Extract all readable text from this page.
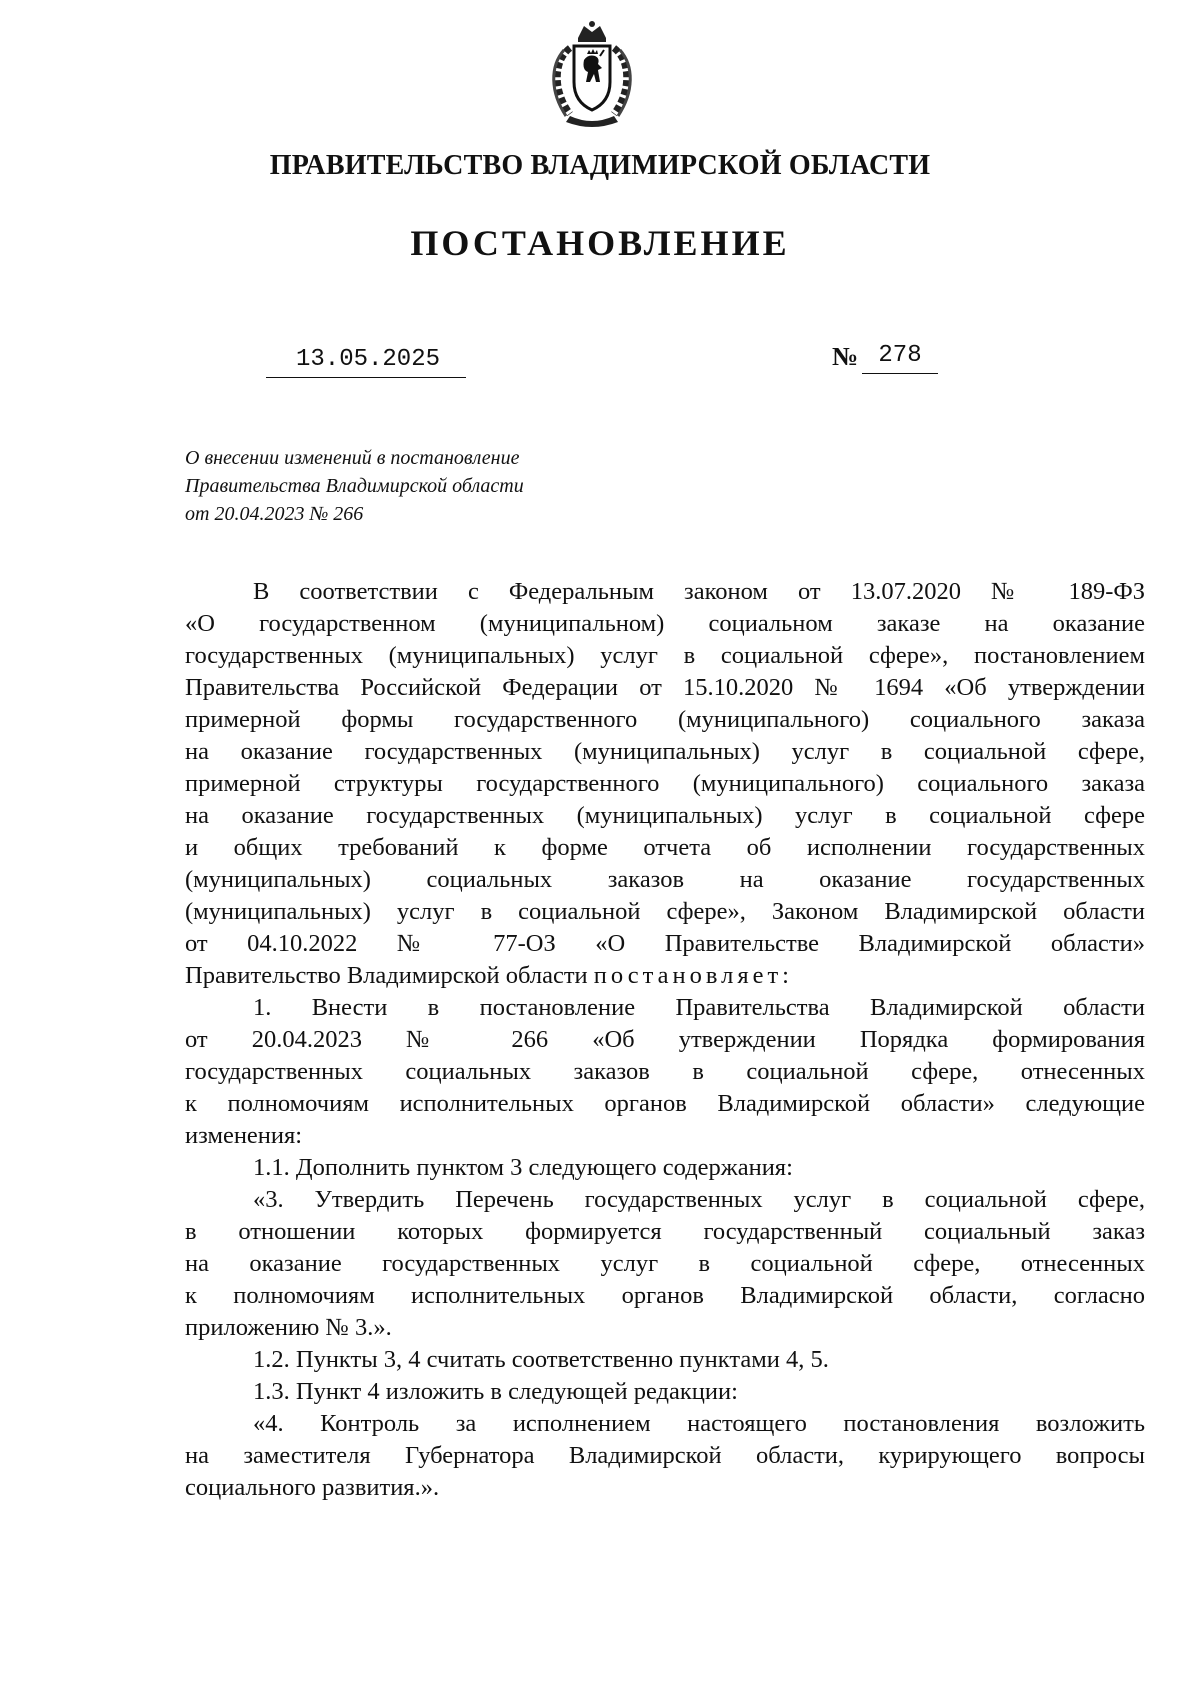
ПРАВИТЕЛЬСТВО ВЛАДИМИРСКОЙ ОБЛАСТИ
ПОСТАНОВЛЕНИЕ
13.05.2025	№ 278
О внесении изменений в постановление
Правительства Владимирской области
от 20.04.2023 № 266
В соответствии с Федеральным законом от 13.07.2020 № 189-ФЗ
«О государственном (муниципальном) социальном заказе на оказание
государственных (муниципальных) услуг в социальной сфере», постановлением
Правительства Российской Федерации от 15.10.2020 № 1694 «Об утверждении
примерной формы государственного (муниципального) социального заказа
на оказание государственных (муниципальных) услуг в социальной сфере,
примерной структуры государственного (муниципального) социального заказа
на оказание государственных (муниципальных) услуг в социальной сфере
и общих требований к форме отчета об исполнении государственных
(муниципальных) социальных заказов на оказание государственных
(муниципальных) услуг в социальной сфере», Законом Владимирской области
от 04.10.2022 № 77-ОЗ «О Правительстве Владимирской области»
Правительство Владимирской области постановляет:
1. Внести в постановление Правительства Владимирской области
от 20.04.2023 № 266 «Об утверждении Порядка формирования
государственных социальных заказов в социальной сфере, отнесенных
к полномочиям исполнительных органов Владимирской области» следующие
изменения:
1.1. Дополнить пунктом 3 следующего содержания:
«3. Утвердить Перечень государственных услуг в социальной сфере,
в отношении которых формируется государственный социальный заказ
на оказание государственных услуг в социальной сфере, отнесенных
к полномочиям исполнительных органов Владимирской области, согласно
приложению № 3.».
1.2. Пункты 3, 4 считать соответственно пунктами 4, 5.
1.3. Пункт 4 изложить в следующей редакции:
«4. Контроль за исполнением настоящего постановления возложить
на заместителя Губернатора Владимирской области, курирующего вопросы
социального развития.».
